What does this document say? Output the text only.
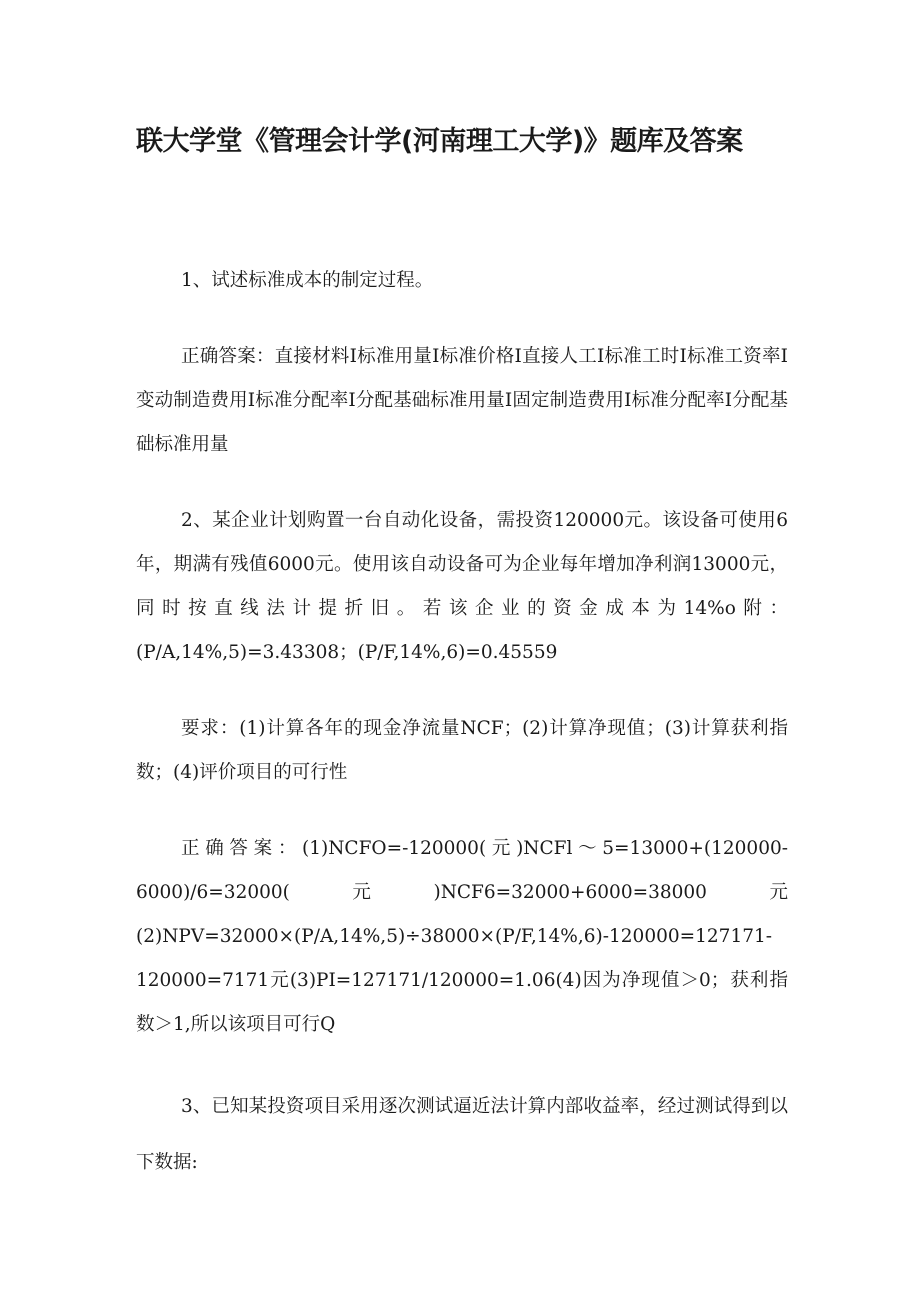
联大学堂《管理会计学(河南理工大学)》题库及答案

1、试述标准成本的制定过程。

正确答案：直接材料I标准用量I标准价格I直接人工I标准工时I标准工资率I变动制造费用I标准分配率I分配基础标准用量I固定制造费用I标准分配率I分配基础标准用量

2、某企业计划购置一台自动化设备，需投资120000元。该设备可使用6年，期满有残值6000元。使用该自动设备可为企业每年增加净利润13000元，同时按直线法计提折旧。若该企业的资金成本为14%o附：(P/A,14%,5)=3.43308；(P/F,14%,6)=0.45559

要求：(1)计算各年的现金净流量NCF；(2)计算净现值；(3)计算获利指数；(4)评价项目的可行性

正确答案：(1)NCFO=-120000(元)NCFl～5=13000+(120000-6000)/6=32000(元)NCF6=32000+6000=38000元(2)NPV=32000×(P/A,14%,5)÷38000×(P/F,14%,6)-120000=127171-120000=7171元(3)PI=127171/120000=1.06(4)因为净现值＞0；获利指数＞1,所以该项目可行Q

3、已知某投资项目采用逐次测试逼近法计算内部收益率，经过测试得到以下数据:
